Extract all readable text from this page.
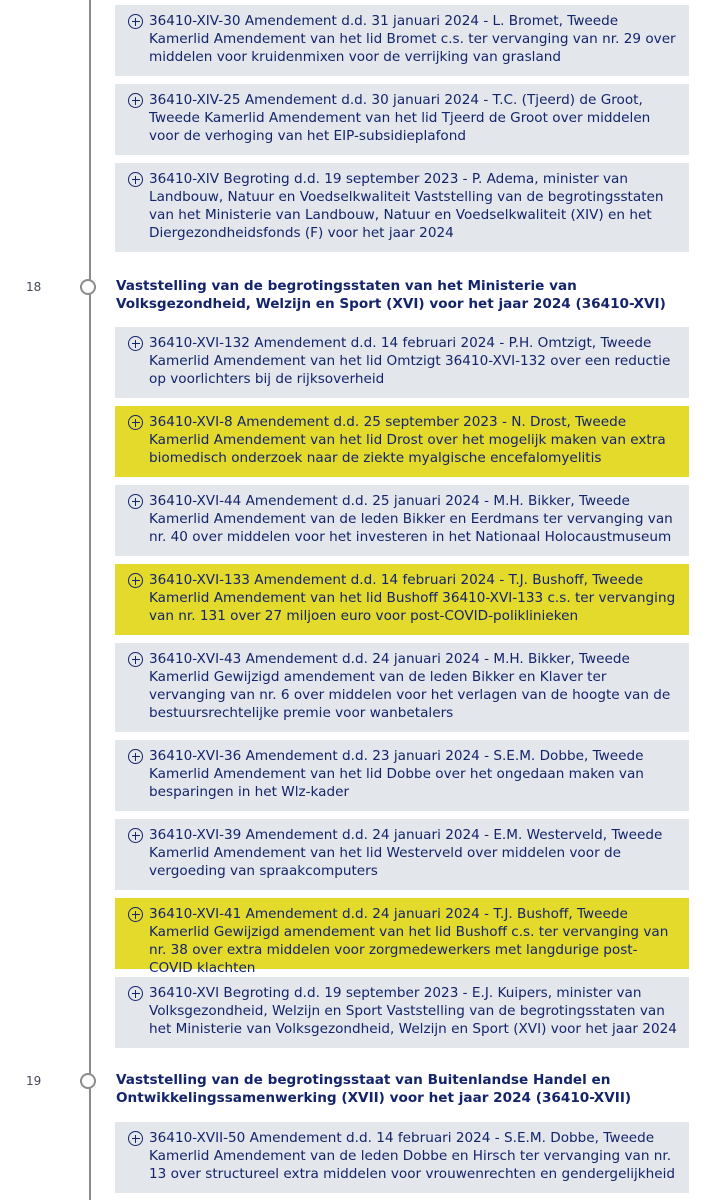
36410-XIV-30 Amendement d.d. 31 januari 2024 - L. Bromet, Tweede Kamerlid Amendement van het lid Bromet c.s. ter vervanging van nr. 29 over middelen voor kruidenmixen voor de verrijking van grasland
36410-XIV-25 Amendement d.d. 30 januari 2024 - T.C. (Tjeerd) de Groot, Tweede Kamerlid Amendement van het lid Tjeerd de Groot over middelen voor de verhoging van het EIP-subsidieplafond
36410-XIV Begroting d.d. 19 september 2023 - P. Adema, minister van Landbouw, Natuur en Voedselkwaliteit Vaststelling van de begrotingsstaten van het Ministerie van Landbouw, Natuur en Voedselkwaliteit (XIV) en het Diergezondheidsfonds (F) voor het jaar 2024
18	Vaststelling van de begrotingsstaten van het Ministerie van Volksgezondheid, Welzijn en Sport (XVI) voor het jaar 2024 (36410-XVI)
36410-XVI-132 Amendement d.d. 14 februari 2024 - P.H. Omtzigt, Tweede Kamerlid Amendement van het lid Omtzigt 36410-XVI-132 over een reductie op voorlichters bij de rijksoverheid
36410-XVI-8 Amendement d.d. 25 september 2023 - N. Drost, Tweede Kamerlid Amendement van het lid Drost over het mogelijk maken van extra biomedisch onderzoek naar de ziekte myalgische encefalomyelitis
36410-XVI-44 Amendement d.d. 25 januari 2024 - M.H. Bikker, Tweede Kamerlid Amendement van de leden Bikker en Eerdmans ter vervanging van nr. 40 over middelen voor het investeren in het Nationaal Holocaustmuseum
36410-XVI-133 Amendement d.d. 14 februari 2024 - T.J. Bushoff, Tweede Kamerlid Amendement van het lid Bushoff 36410-XVI-133 c.s. ter vervanging van nr. 131 over 27 miljoen euro voor post-COVID-poliklinieken
36410-XVI-43 Amendement d.d. 24 januari 2024 - M.H. Bikker, Tweede Kamerlid Gewijzigd amendement van de leden Bikker en Klaver ter vervanging van nr. 6 over middelen voor het verlagen van de hoogte van de bestuursrechtelijke premie voor wanbetalers
36410-XVI-36 Amendement d.d. 23 januari 2024 - S.E.M. Dobbe, Tweede Kamerlid Amendement van het lid Dobbe over het ongedaan maken van besparingen in het Wlz-kader
36410-XVI-39 Amendement d.d. 24 januari 2024 - E.M. Westerveld, Tweede Kamerlid Amendement van het lid Westerveld over middelen voor de vergoeding van spraakcomputers
36410-XVI-41 Amendement d.d. 24 januari 2024 - T.J. Bushoff, Tweede Kamerlid Gewijzigd amendement van het lid Bushoff c.s. ter vervanging van nr. 38 over extra middelen voor zorgmedewerkers met langdurige post-COVID klachten
36410-XVI Begroting d.d. 19 september 2023 - E.J. Kuipers, minister van Volksgezondheid, Welzijn en Sport Vaststelling van de begrotingsstaten van het Ministerie van Volksgezondheid, Welzijn en Sport (XVI) voor het jaar 2024
19	Vaststelling van de begrotingsstaat van Buitenlandse Handel en Ontwikkelingssamenwerking (XVII) voor het jaar 2024 (36410-XVII)
36410-XVII-50 Amendement d.d. 14 februari 2024 - S.E.M. Dobbe, Tweede Kamerlid Amendement van de leden Dobbe en Hirsch ter vervanging van nr. 13 over structureel extra middelen voor vrouwenrechten en gendergelijkheid
